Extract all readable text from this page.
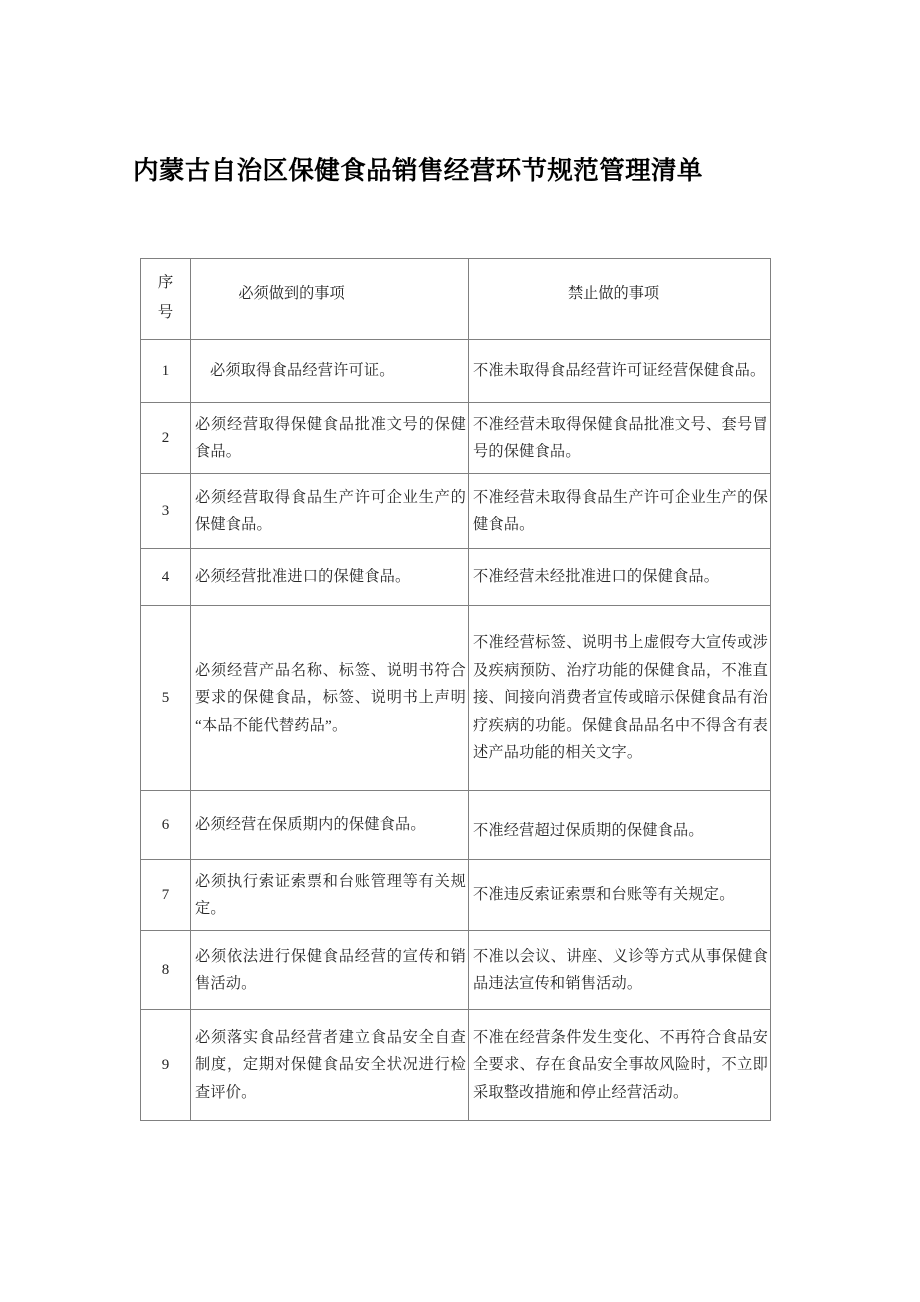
内蒙古自治区保健食品销售经营环节规范管理清单
序
号	必须做到的事项	禁止做的事项

1	必须取得食品经营许可证。	不准未取得食品经营许可证经营保健食品。

2	必须经营取得保健食品批准文号的保健食品。	不准经营未取得保健食品批准文号、套号冒号的保健食品。

3	必须经营取得食品生产许可企业生产的保健食品。	不准经营未取得食品生产许可企业生产的保健食品。

4	必须经营批准进口的保健食品。	不准经营未经批准进口的保健食品。

5	必须经营产品名称、标签、说明书符合要求的保健食品，标签、说明书上声明“本品不能代替药品”。	不准经营标签、说明书上虚假夸大宣传或涉及疾病预防、治疗功能的保健食品，不准直接、间接向消费者宣传或暗示保健食品有治疗疾病的功能。保健食品品名中不得含有表述产品功能的相关文字。

6	必须经营在保质期内的保健食品。	不准经营超过保质期的保健食品。

7	必须执行索证索票和台账管理等有关规定。	不准违反索证索票和台账等有关规定。

8	必须依法进行保健食品经营的宣传和销售活动。	不准以会议、讲座、义诊等方式从事保健食品违法宣传和销售活动。

9	必须落实食品经营者建立食品安全自查制度，定期对保健食品安全状况进行检查评价。	不准在经营条件发生变化、不再符合食品安全要求、存在食品安全事故风险时，不立即采取整改措施和停止经营活动。
